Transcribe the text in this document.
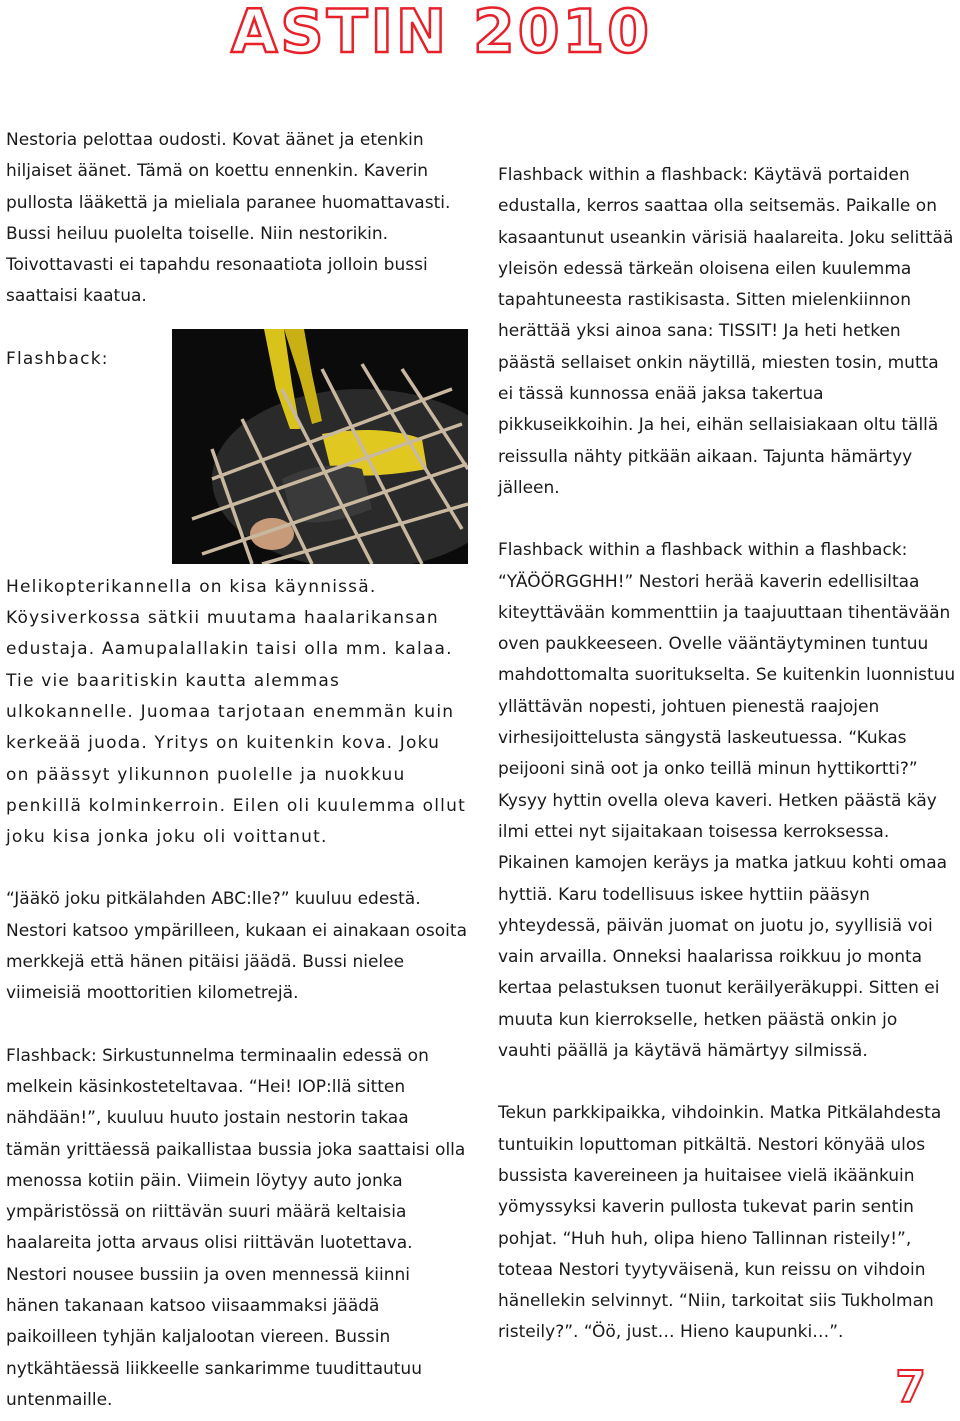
ASTIN 2010

Nestoria pelottaa oudosti. Kovat äänet ja etenkin hiljaiset äänet. Tämä on koettu ennenkin. Kaverin pullosta lääkettä ja mieliala paranee huomattavasti. Bussi heiluu puolelta toiselle. Niin nestorikin. Toivottavasti ei tapahdu resonaatiota jolloin bussi saattaisi kaatua.

Flashback: Helikopterikannella on kisa käynnissä. Köysiverkossa sätkii muutama haalarikansan edustaja. Aamupalallakin taisi olla mm. kalaa. Tie vie baaritiskin kautta alemmas ulkokannelle. Juomaa tarjotaan enemmän kuin kerkeää juoda. Yritys on kuitenkin kova. Joku on päässyt ylikunnon puolelle ja nuokkuu penkillä kolminkerroin. Eilen oli kuulemma ollut joku kisa jonka joku oli voittanut.

“Jääkö joku pitkälahden ABC:lle?” kuuluu edestä. Nestori katsoo ympärilleen, kukaan ei ainakaan osoita merkkejä että hänen pitäisi jäädä. Bussi nielee viimeisiä moottoritien kilometrejä.

Flashback: Sirkustunnelma terminaalin edessä on melkein käsinkosteteltavaa. “Hei! IOP:llä sitten nähdään!”, kuuluu huuto jostain nestorin takaa tämän yrittäessä paikallistaa bussia joka saattaisi olla menossa kotiin päin. Viimein löytyy auto jonka ympäristössä on riittävän suuri määrä keltaisia haalareita jotta arvaus olisi riittävän luotettava. Nestori nousee bussiin ja oven mennessä kiinni hänen takanaan katsoo viisaammaksi jäädä paikoilleen tyhjän kaljalootan viereen. Bussin nytkähtäessä liikkeelle sankarimme tuudittautuu untenmaille.

Flashback within a flashback: Käytävä portaiden edustalla, kerros saattaa olla seitsemäs. Paikalle on kasaantunut useankin värisiä haalareita. Joku selittää yleisön edessä tärkeän oloisena eilen kuulemma tapahtuneesta rastikisasta. Sitten mielenkiinnon herättää yksi ainoa sana: TISSIT! Ja heti hetken päästä sellaiset onkin näytillä, miesten tosin, mutta ei tässä kunnossa enää jaksa takertua pikkuseikkoihin. Ja hei, eihän sellaisiakaan oltu tällä reissulla nähty pitkään aikaan. Tajunta hämärtyy jälleen.

Flashback within a flashback within a flashback: “YÄÖÖRGGHH!” Nestori herää kaverin edellisiltaa kiteyttävään kommenttiin ja taajuuttaan tihentävään oven paukkeeseen. Ovelle vääntäytyminen tuntuu mahdottomalta suoritukselta. Se kuitenkin luonnistuu yllättävän nopesti, johtuen pienestä raajojen virhesijoittelusta sängystä laskeutuessa. “Kukas peijooni sinä oot ja onko teillä minun hyttikortti?” Kysyy hyttin ovella oleva kaveri. Hetken päästä käy ilmi ettei nyt sijaitakaan toisessa kerroksessa. Pikainen kamojen keräys ja matka jatkuu kohti omaa hyttiä. Karu todellisuus iskee hyttiin pääsyn yhteydessä, päivän juomat on juotu jo, syyllisiä voi vain arvailla. Onneksi haalarissa roikkuu jo monta kertaa pelastuksen tuonut keräilyeräkuppi. Sitten ei muuta kun kierrokselle, hetken päästä onkin jo vauhti päällä ja käytävä hämärtyy silmissä.

Tekun parkkipaikka, vihdoinkin. Matka Pitkälahdesta tuntuikin loputtoman pitkältä. Nestori könyää ulos bussista kavereineen ja huitaisee vielä ikäänkuin yömyssyksi kaverin pullosta tukevat parin sentin pohjat. “Huh huh, olipa hieno Tallinnan risteily!”, toteaa Nestori tyytyväisenä, kun reissu on vihdoin hänellekin selvinnyt. “Niin, tarkoitat siis Tukholman risteily?”. “Öö, just… Hieno kaupunki…”.

7
